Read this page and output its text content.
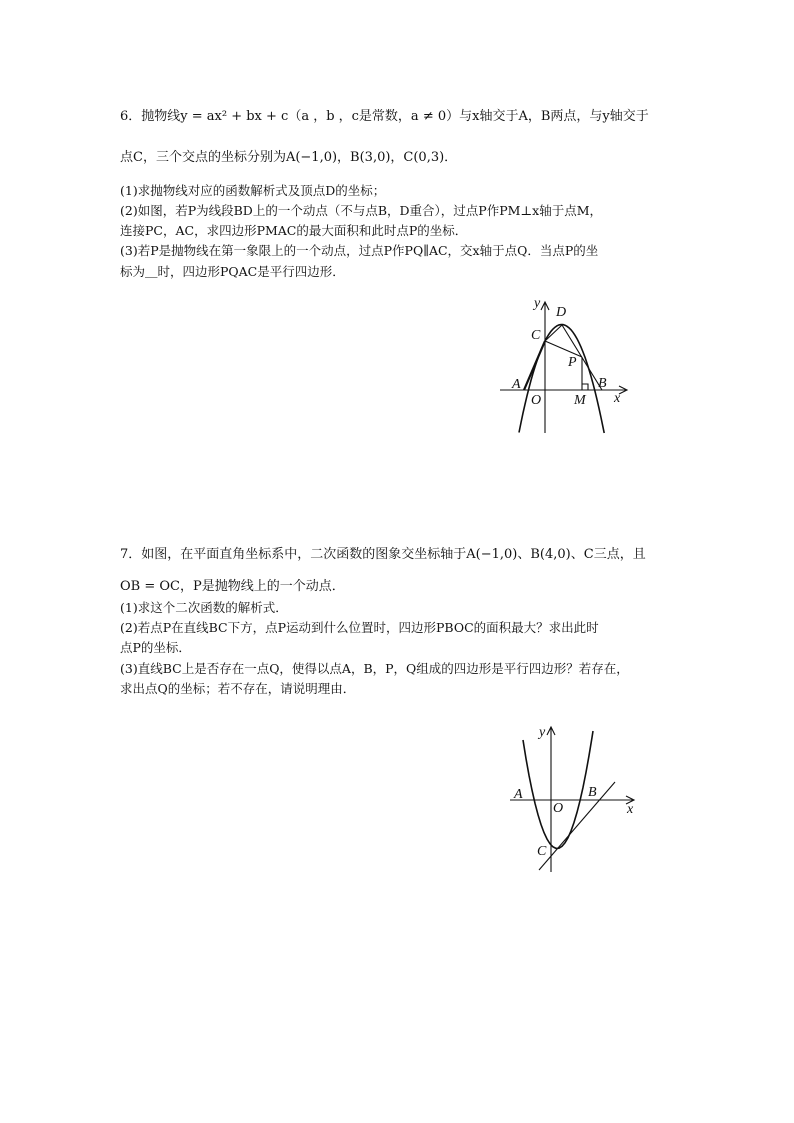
6．抛物线y = ax² + bx + c（a ，b ，c是常数，a ≠ 0）与x轴交于A，B两点，与y轴交于
点C，三个交点的坐标分别为A(−1,0)，B(3,0)，C(0,3)．
(1)求抛物线对应的函数解析式及顶点D的坐标；
(2)如图，若P为线段BD上的一个动点（不与点B，D重合），过点P作PM⊥x轴于点M，
连接PC，AC，求四边形PMAC的最大面积和此时点P的坐标．
(3)若P是抛物线在第一象限上的一个动点，过点P作PQ∥AC，交x轴于点Q．当点P的坐
标为＿时，四边形PQAC是平行四边形．
y
D
C
P
A	B
O M x
7．如图，在平面直角坐标系中，二次函数的图象交坐标轴于A(−1,0)、B(4,0)、C三点，且
OB = OC，P是抛物线上的一个动点．
(1)求这个二次函数的解析式．
(2)若点P在直线BC下方，点P运动到什么位置时，四边形PBOC的面积最大？求出此时
点P的坐标．
(3)直线BC上是否存在一点Q，使得以点A，B，P，Q组成的四边形是平行四边形？若存在，
求出点Q的坐标；若不存在，请说明理由．
y
A	B
O	x
C
